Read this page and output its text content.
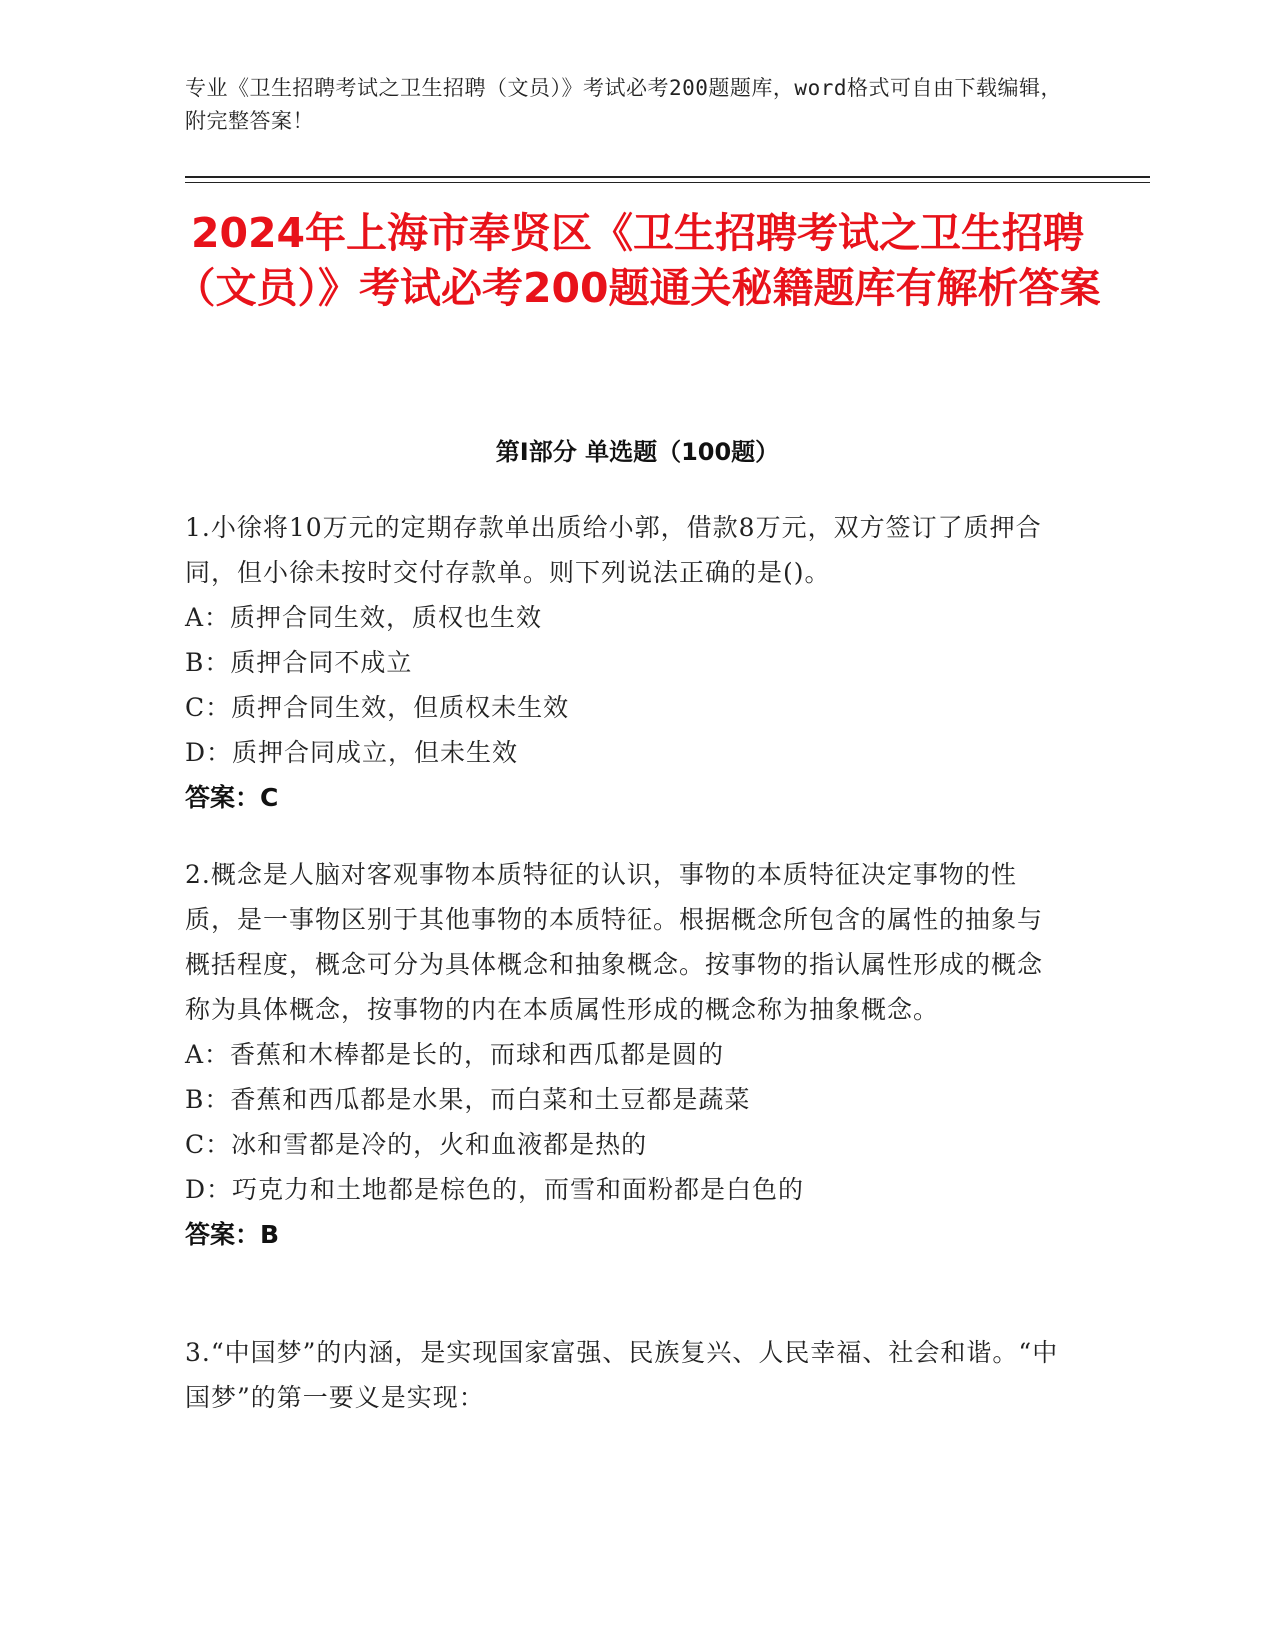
专业《卫生招聘考试之卫生招聘（文员）》考试必考200题题库，word格式可自由下载编辑，附完整答案！
2024年上海市奉贤区《卫生招聘考试之卫生招聘（文员）》考试必考200题通关秘籍题库有解析答案
第Ⅰ部分 单选题（100题）

1.小徐将10万元的定期存款单出质给小郭，借款8万元，双方签订了质押合同，但小徐未按时交付存款单。则下列说法正确的是()。

A：质押合同生效，质权也生效

B：质押合同不成立

C：质押合同生效，但质权未生效

D：质押合同成立，但未生效

答案：C

2.概念是人脑对客观事物本质特征的认识，事物的本质特征决定事物的性质，是一事物区别于其他事物的本质特征。根据概念所包含的属性的抽象与概括程度，概念可分为具体概念和抽象概念。按事物的指认属性形成的概念称为具体概念，按事物的内在本质属性形成的概念称为抽象概念。

A：香蕉和木棒都是长的，而球和西瓜都是圆的

B：香蕉和西瓜都是水果，而白菜和土豆都是蔬菜

C：冰和雪都是冷的，火和血液都是热的

D：巧克力和土地都是棕色的，而雪和面粉都是白色的

答案：B

3.“中国梦”的内涵，是实现国家富强、民族复兴、人民幸福、社会和谐。“中国梦”的第一要义是实现：
